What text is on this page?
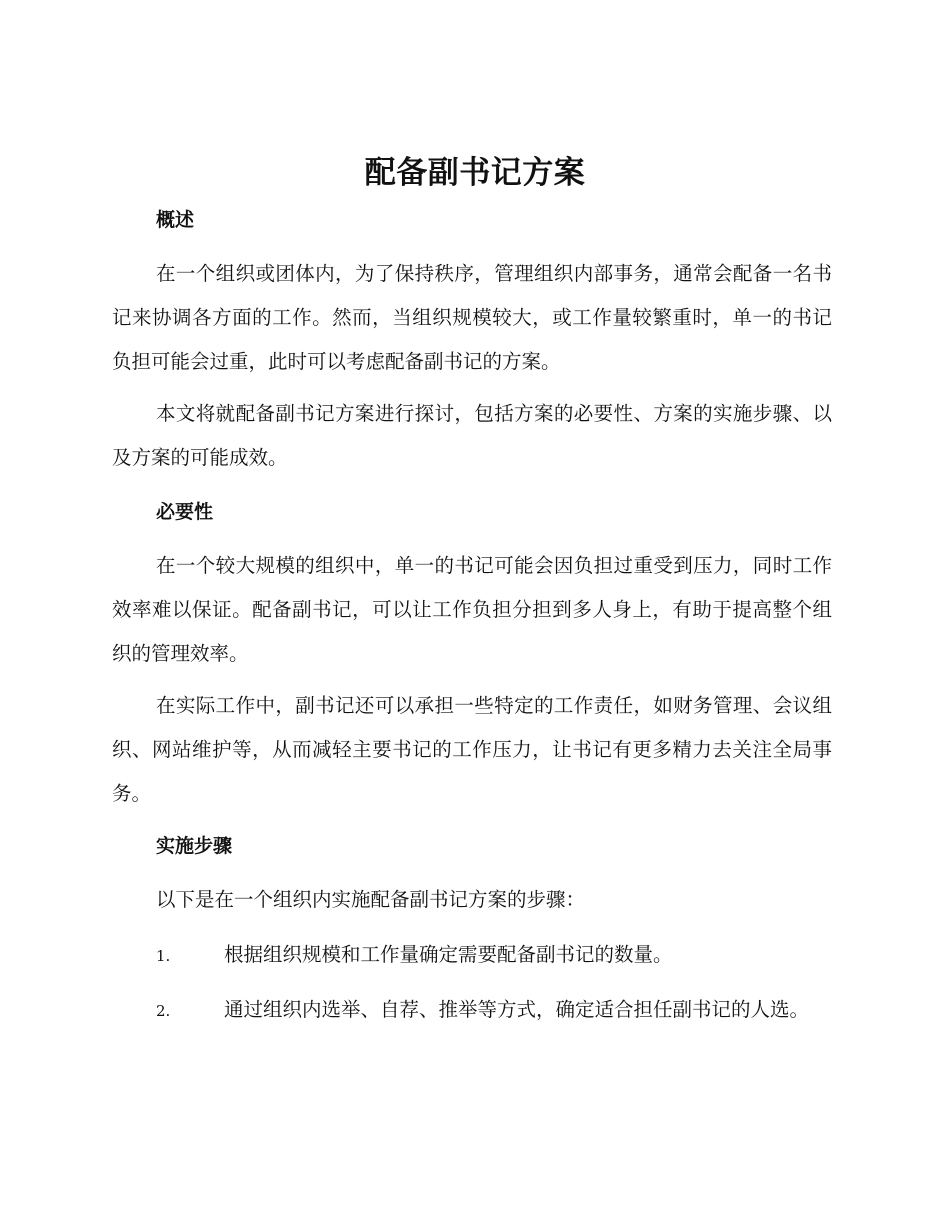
配备副书记方案
概述

在一个组织或团体内，为了保持秩序，管理组织内部事务，通常会配备一名书记来协调各方面的工作。然而，当组织规模较大，或工作量较繁重时，单一的书记负担可能会过重，此时可以考虑配备副书记的方案。

本文将就配备副书记方案进行探讨，包括方案的必要性、方案的实施步骤、以及方案的可能成效。

必要性

在一个较大规模的组织中，单一的书记可能会因负担过重受到压力，同时工作效率难以保证。配备副书记，可以让工作负担分担到多人身上，有助于提高整个组织的管理效率。

在实际工作中，副书记还可以承担一些特定的工作责任，如财务管理、会议组织、网站维护等，从而减轻主要书记的工作压力，让书记有更多精力去关注全局事务。

实施步骤

以下是在一个组织内实施配备副书记方案的步骤：

1.	根据组织规模和工作量确定需要配备副书记的数量。

2.	通过组织内选举、自荐、推举等方式，确定适合担任副书记的人选。
